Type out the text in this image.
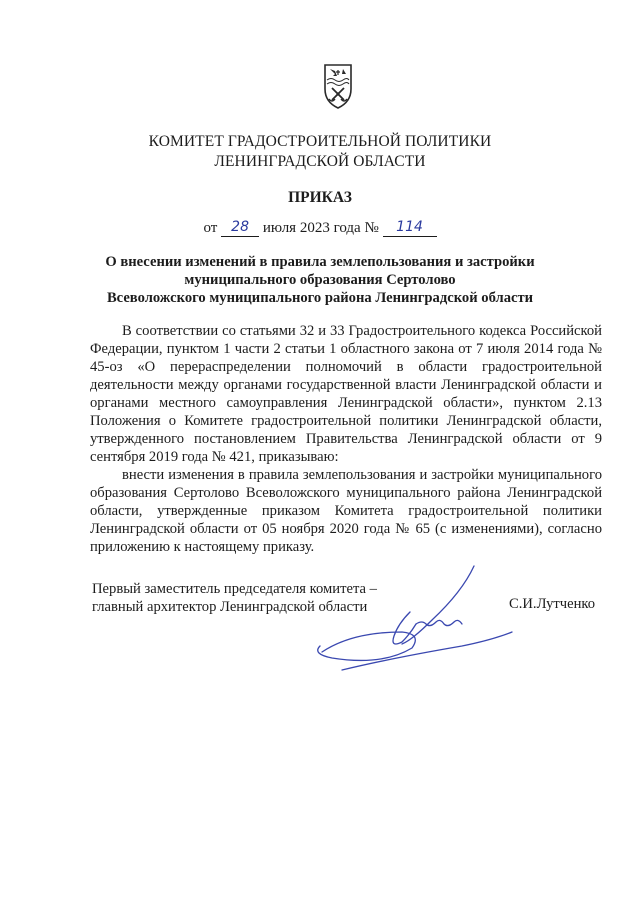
КОМИТЕТ ГРАДОСТРОИТЕЛЬНОЙ ПОЛИТИКИ
ЛЕНИНГРАДСКОЙ ОБЛАСТИ
ПРИКАЗ
от 28 июля 2023 года № 114
О внесении изменений в правила землепользования и застройки
муниципального образования Сертолово
Всеволожского муниципального района Ленинградской области

В соответствии со статьями 32 и 33 Градостроительного кодекса Российской Федерации, пунктом 1 части 2 статьи 1 областного закона от 7 июля 2014 года № 45-оз «О перераспределении полномочий в области градостроительной деятельности между органами государственной власти Ленинградской области и органами местного самоуправления Ленинградской области», пунктом 2.13 Положения о Комитете градостроительной политики Ленинградской области, утвержденного постановлением Правительства Ленинградской области от 9 сентября 2019 года № 421, приказываю:

внести изменения в правила землепользования и застройки муниципального образования Сертолово Всеволожского муниципального района Ленинградской области, утвержденные приказом Комитета градостроительной политики Ленинградской области от 05 ноября 2020 года № 65 (с изменениями), согласно приложению к настоящему приказу.

Первый заместитель председателя комитета –
главный архитектор Ленинградской области	С.И.Лутченко
